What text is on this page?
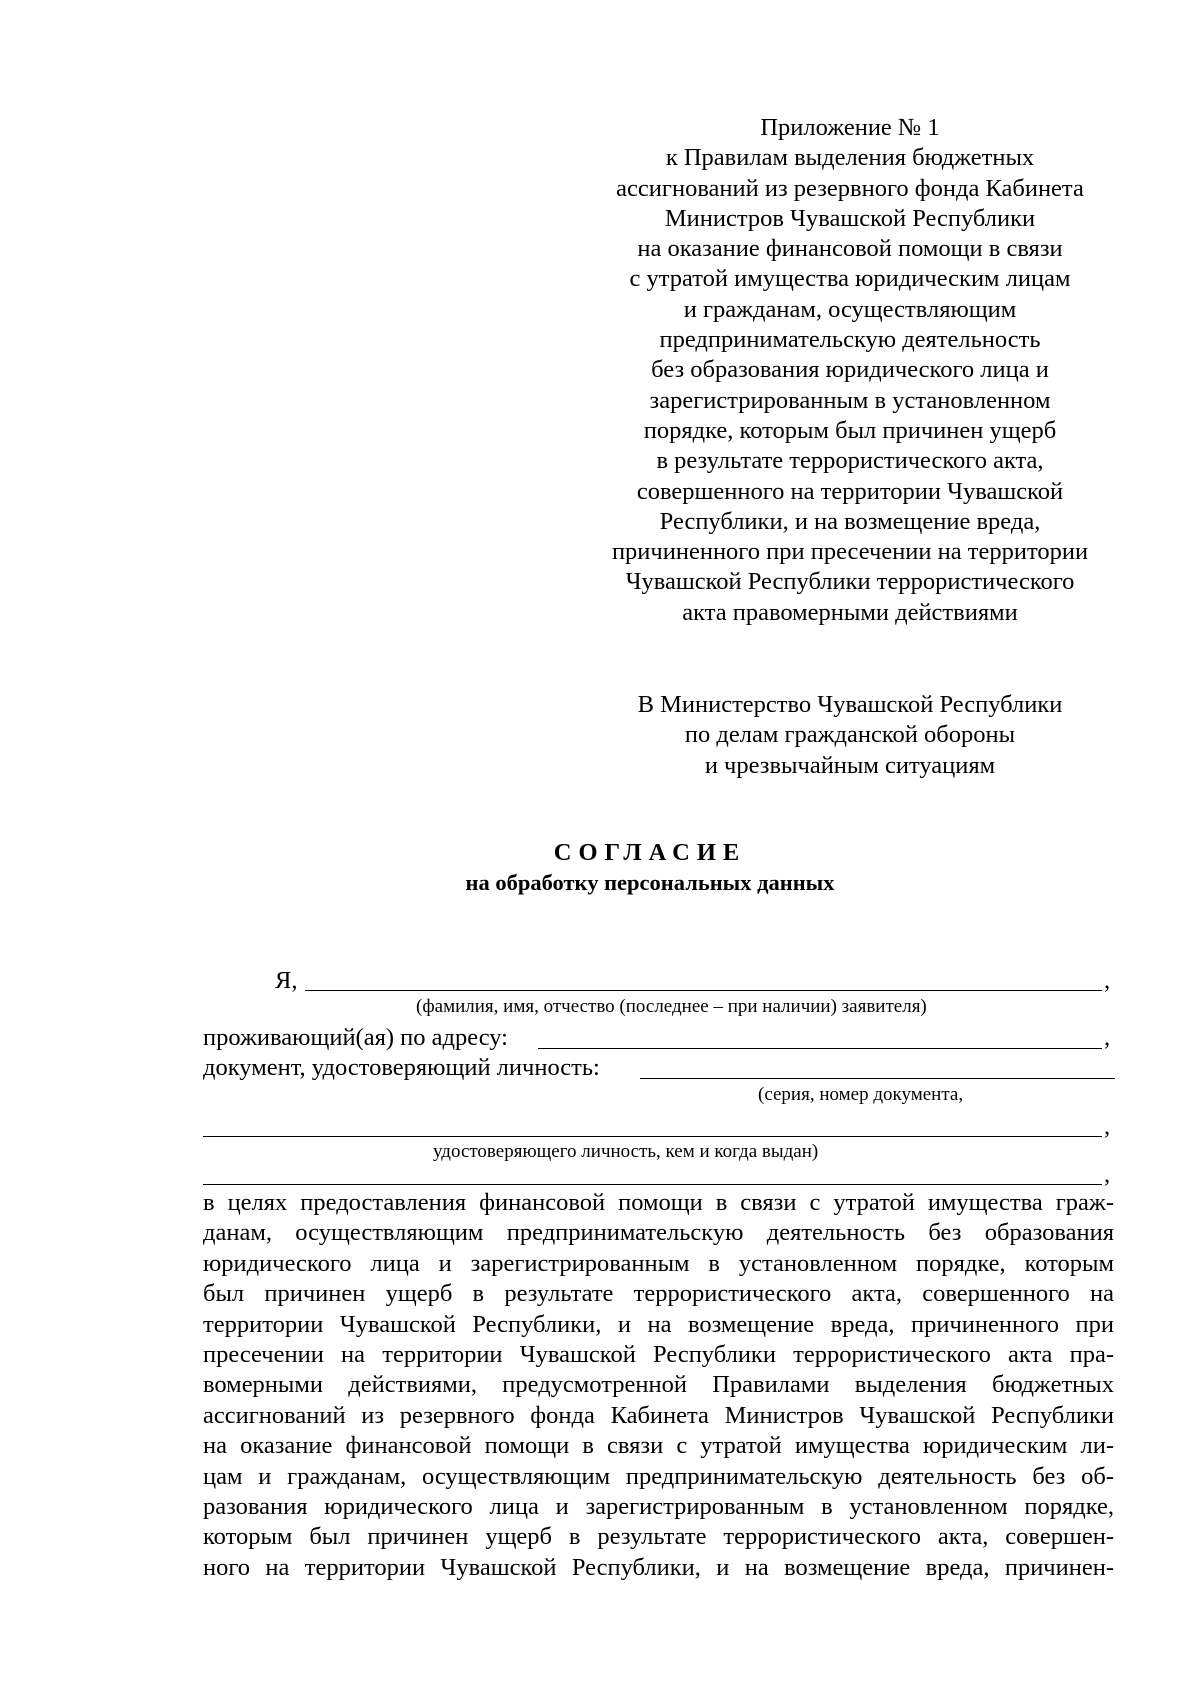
Приложение № 1
к Правилам выделения бюджетных
ассигнований из резервного фонда Кабинета
Министров Чувашской Республики
на оказание финансовой помощи в связи
с утратой имущества юридическим лицам
и гражданам, осуществляющим
предпринимательскую деятельность
без образования юридического лица и
зарегистрированным в установленном
порядке, которым был причинен ущерб
в результате террористического акта,
совершенного на территории Чувашской
Республики, и на возмещение вреда,
причиненного при пресечении на территории
Чувашской Республики террористического
акта правомерными действиями
В Министерство Чувашской Республики
по делам гражданской обороны
и чрезвычайным ситуациям
СОГЛАСИЕ
на обработку персональных данных
Я,	,
(фамилия, имя, отчество (последнее – при наличии) заявителя)
проживающий(ая) по адресу:	,
документ, удостоверяющий личность:
(серия, номер документа,
,
удостоверяющего личность, кем и когда выдан)
,
в целях предоставления финансовой помощи в связи с утратой имущества граж-
данам, осуществляющим предпринимательскую деятельность без образования
юридического лица и зарегистрированным в установленном порядке, которым
был причинен ущерб в результате террористического акта, совершенного на
территории Чувашской Республики, и на возмещение вреда, причиненного при
пресечении на территории Чувашской Республики террористического акта пра-
вомерными действиями, предусмотренной Правилами выделения бюджетных
ассигнований из резервного фонда Кабинета Министров Чувашской Республики
на оказание финансовой помощи в связи с утратой имущества юридическим ли-
цам и гражданам, осуществляющим предпринимательскую деятельность без об-
разования юридического лица и зарегистрированным в установленном порядке,
которым был причинен ущерб в результате террористического акта, совершен-
ного на территории Чувашской Республики, и на возмещение вреда, причинен-
